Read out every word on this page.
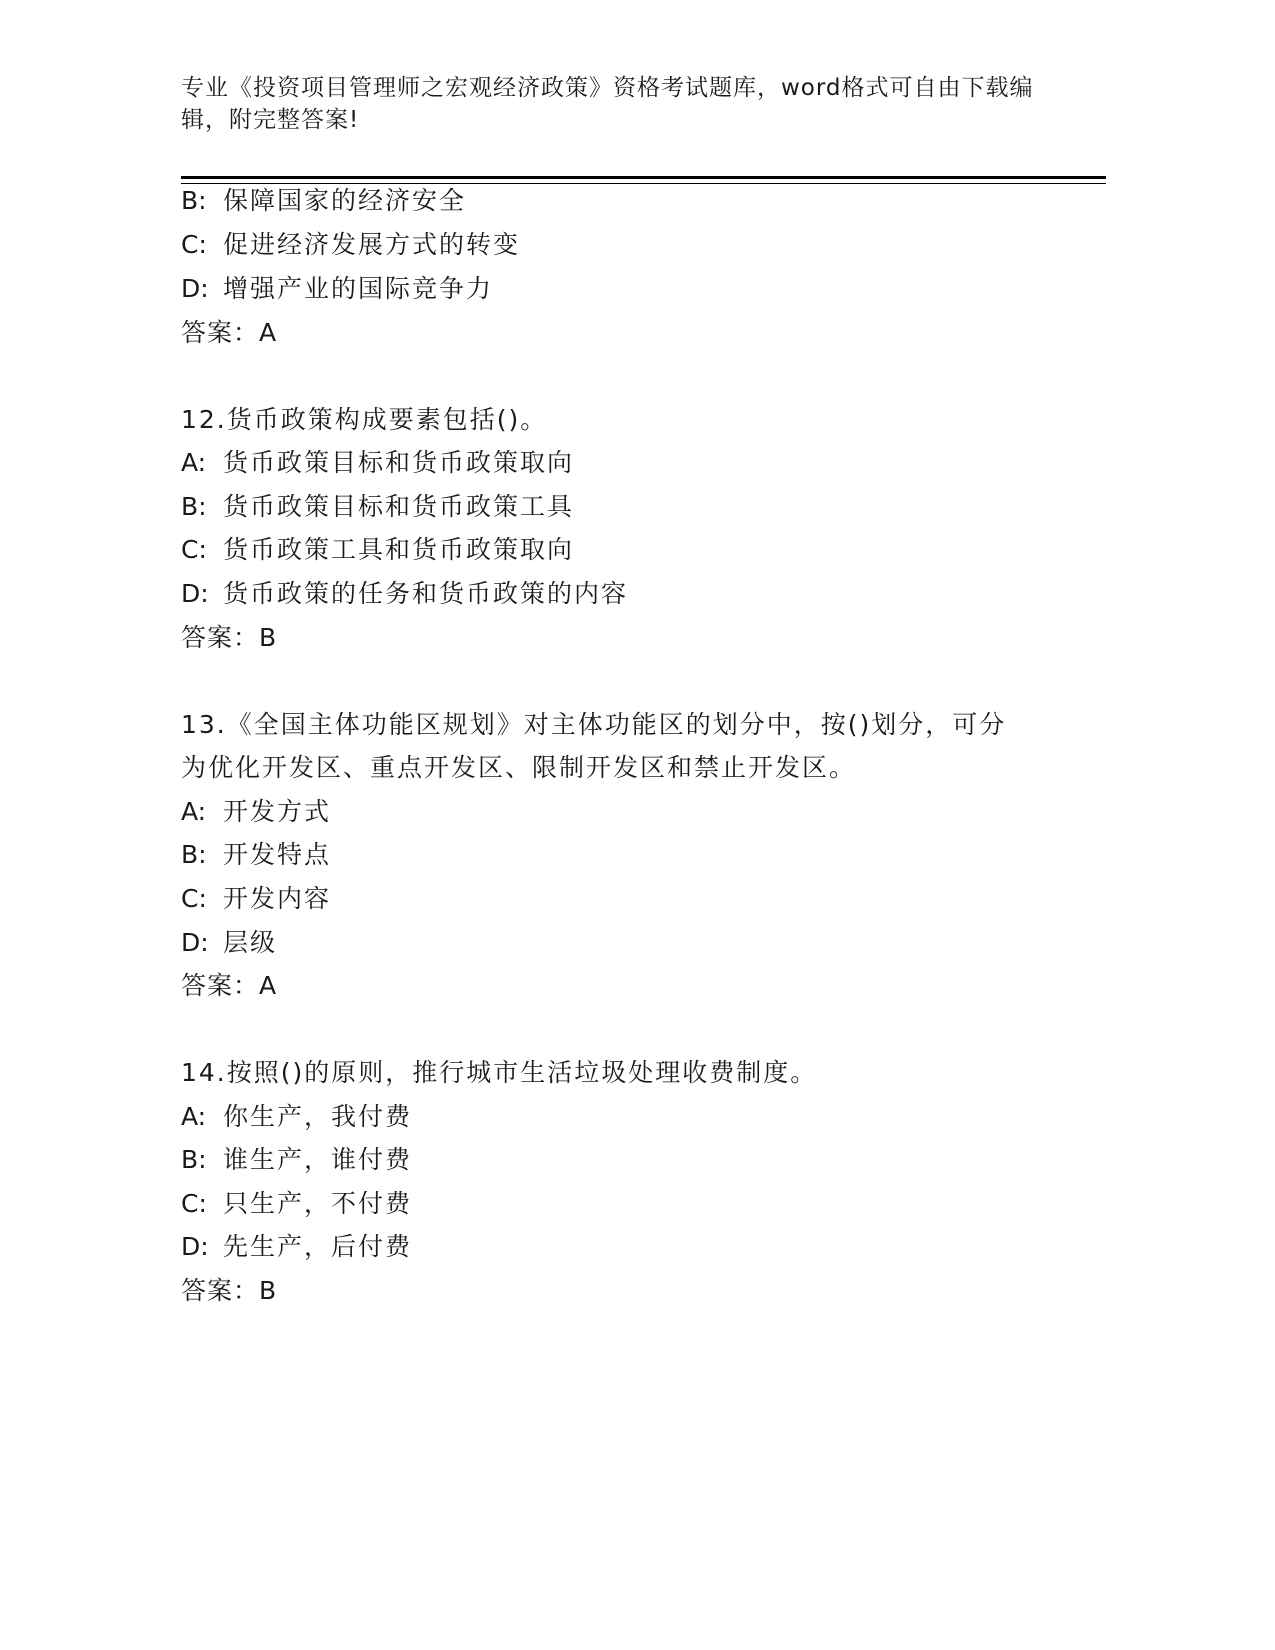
专业《投资项目管理师之宏观经济政策》资格考试题库，word格式可自由下载编
辑，附完整答案!
B: 保障国家的经济安全
C: 促进经济发展方式的转变
D: 增强产业的国际竞争力
答案：A
12.货币政策构成要素包括()。
A: 货币政策目标和货币政策取向
B: 货币政策目标和货币政策工具
C: 货币政策工具和货币政策取向
D: 货币政策的任务和货币政策的内容
答案：B
13.《全国主体功能区规划》对主体功能区的划分中，按()划分，可分
为优化开发区、重点开发区、限制开发区和禁止开发区。
A: 开发方式
B: 开发特点
C: 开发内容
D: 层级
答案：A
14.按照()的原则，推行城市生活垃圾处理收费制度。
A: 你生产，我付费
B: 谁生产，谁付费
C: 只生产，不付费
D: 先生产，后付费
答案：B
